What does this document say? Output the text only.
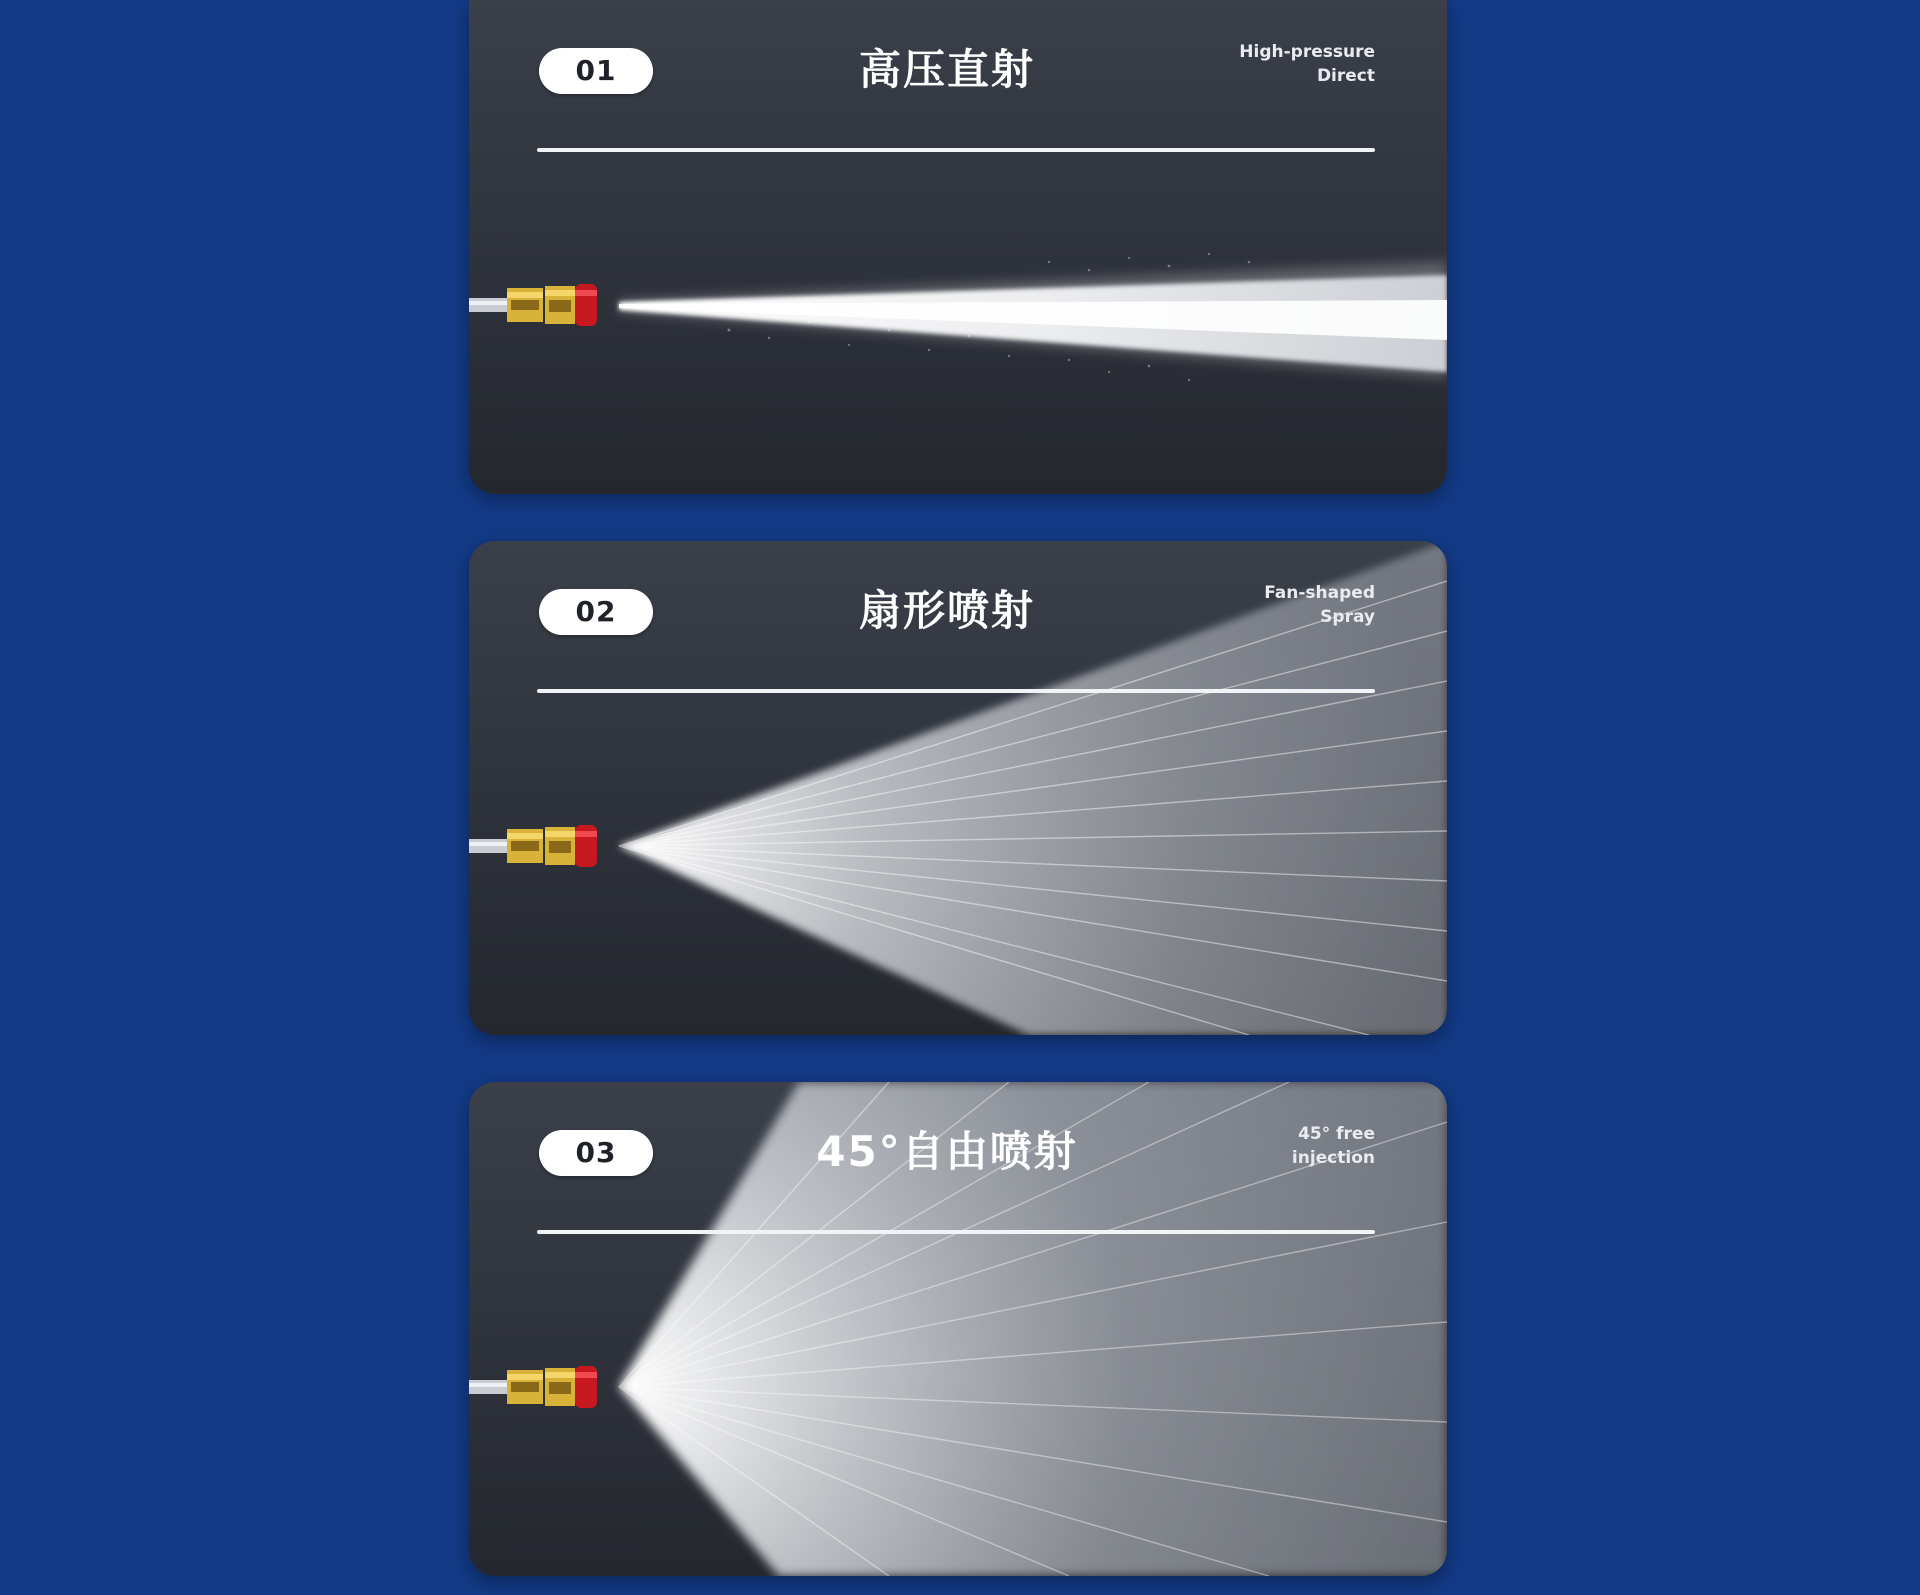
01	高压直射	High-pressure
Direct
02	扇形喷射	Fan-shaped
Spray
03	45°自由喷射	45° free
injection
